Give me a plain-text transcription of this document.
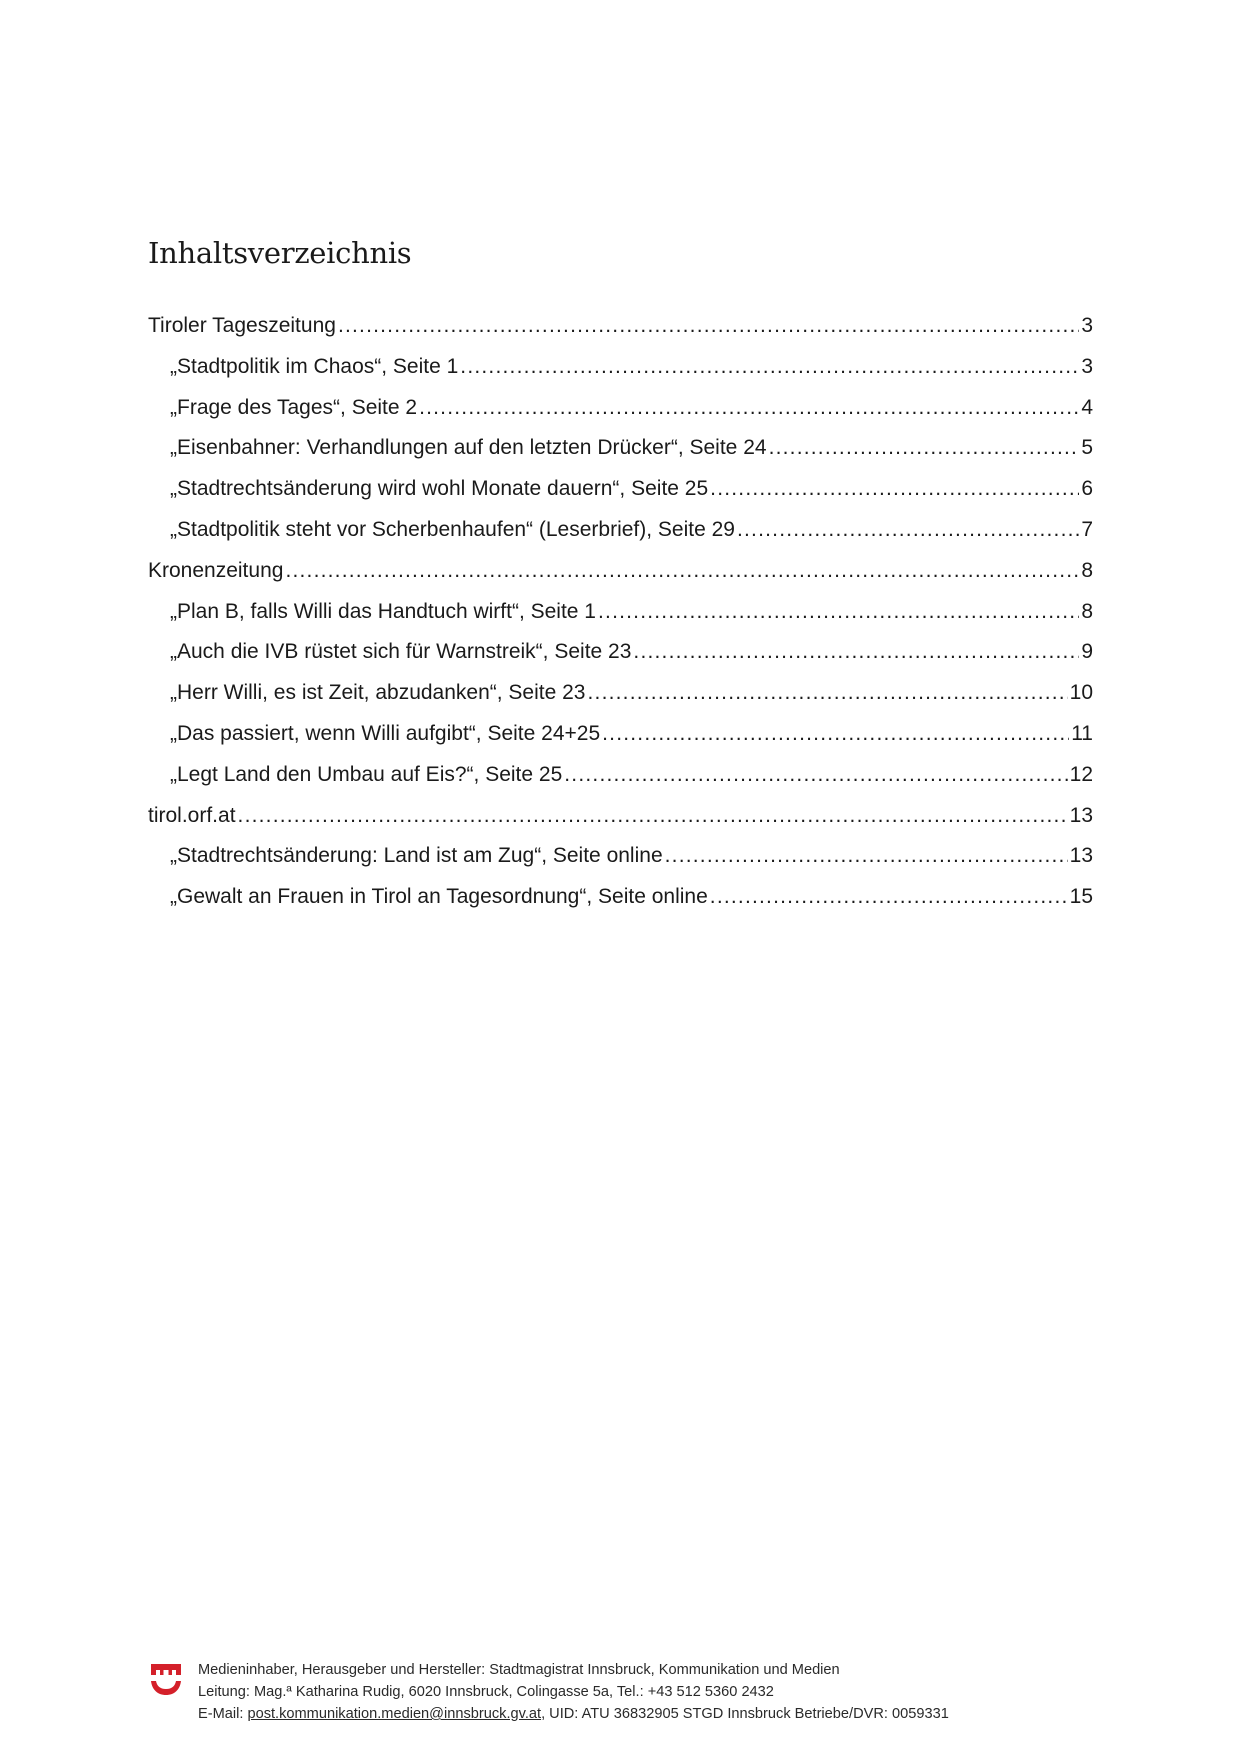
Inhaltsverzeichnis
Tiroler Tageszeitung .....	3
„Stadtpolitik im Chaos“, Seite 1 .....	3
„Frage des Tages“, Seite 2 .....	4
„Eisenbahner: Verhandlungen auf den letzten Drücker“, Seite 24 .....	5
„Stadtrechtsänderung wird wohl Monate dauern“, Seite 25 .....	6
„Stadtpolitik steht vor Scherbenhaufen“ (Leserbrief), Seite 29 .....	7
Kronenzeitung .....	8
„Plan B, falls Willi das Handtuch wirft“, Seite 1 .....	8
„Auch die IVB rüstet sich für Warnstreik“, Seite 23 .....	9
„Herr Willi, es ist Zeit, abzudanken“, Seite 23 .....	10
„Das passiert, wenn Willi aufgibt“, Seite 24+25 .....	11
„Legt Land den Umbau auf Eis?“, Seite 25 .....	12
tirol.orf.at .....	13
„Stadtrechtsänderung: Land ist am Zug“, Seite online .....	13
„Gewalt an Frauen in Tirol an Tagesordnung“, Seite online .....	15
Medieninhaber, Herausgeber und Hersteller: Stadtmagistrat Innsbruck, Kommunikation und Medien
Leitung: Mag.ª Katharina Rudig, 6020 Innsbruck, Colingasse 5a, Tel.: +43 512 5360 2432
E-Mail: post.kommunikation.medien@innsbruck.gv.at, UID: ATU 36832905 STGD Innsbruck Betriebe/DVR: 0059331
